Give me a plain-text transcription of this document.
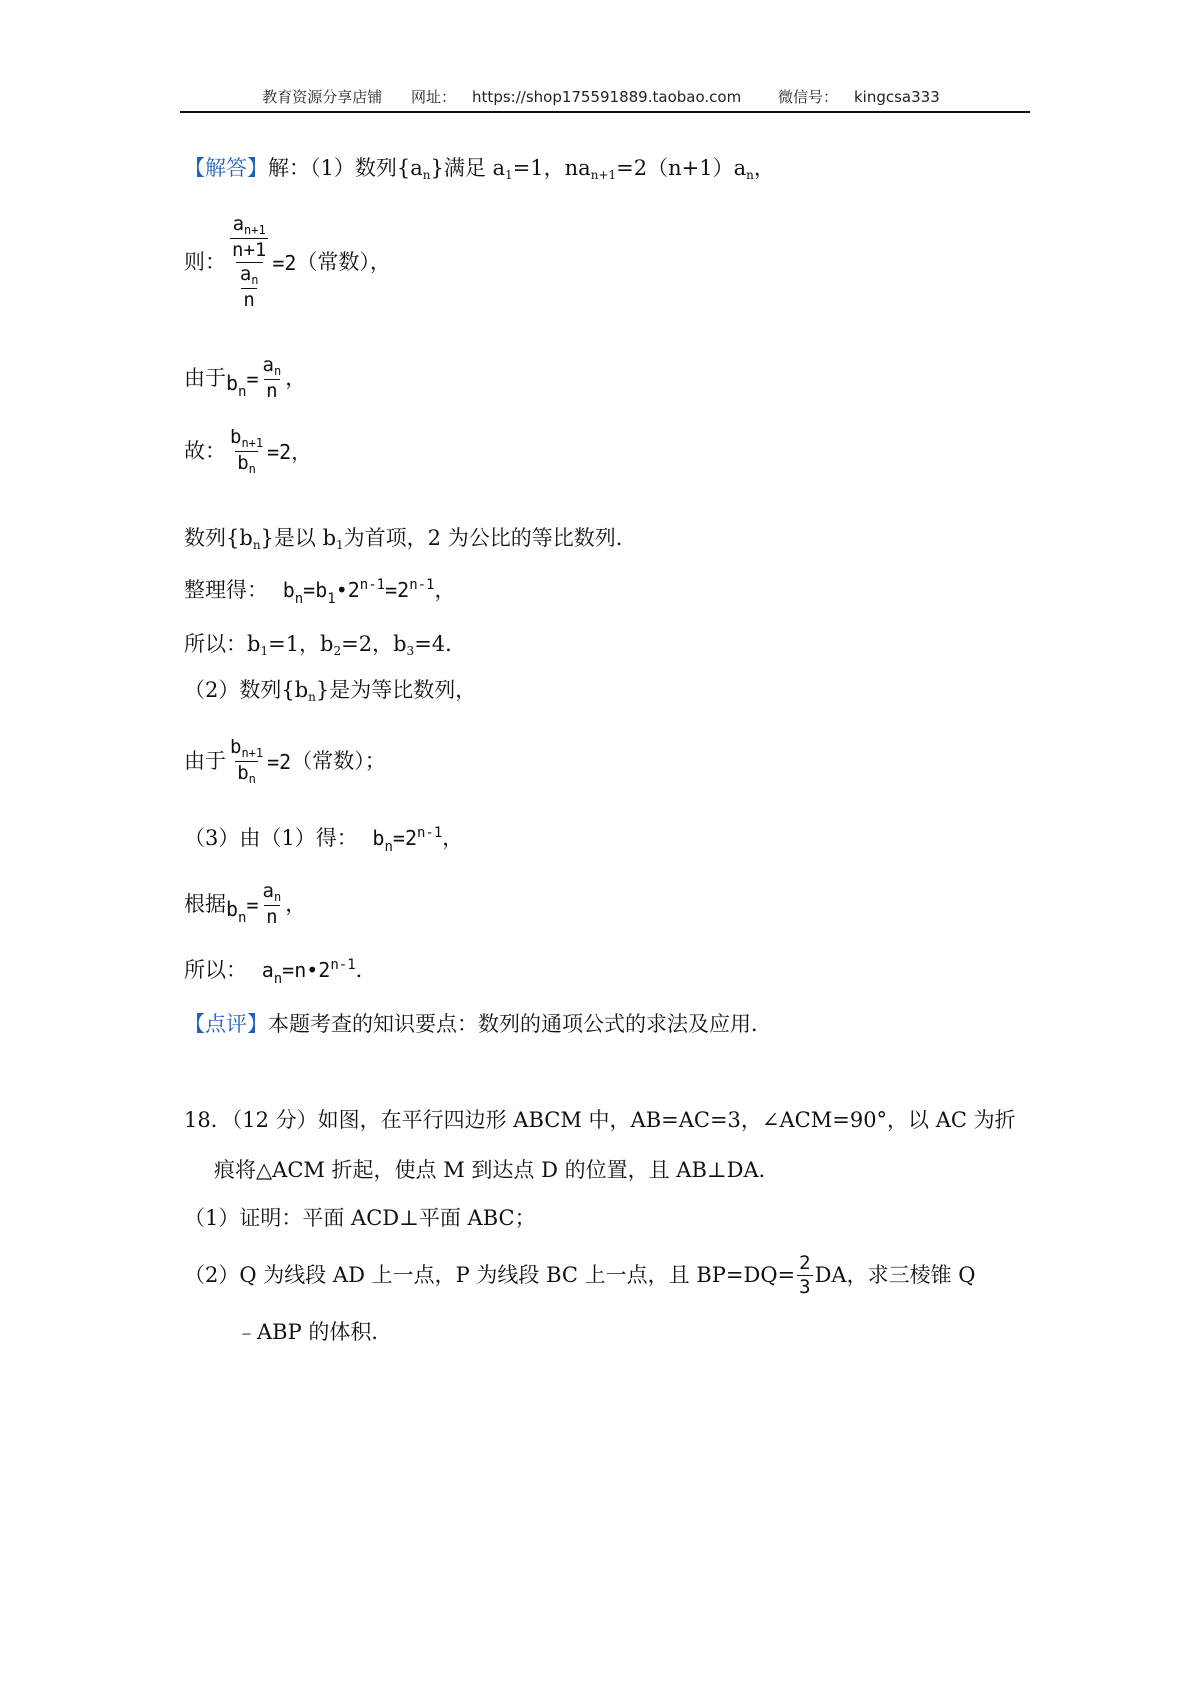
教育资源分享店铺 网址： https://shop175591889.taobao.com 微信号： kingcsa333
【解答】解：（1）数列$\{a_n\}$满足 $a_1=1$，$na_{n+1}=2(n+1)a_n$，
则： $\frac{\frac{a_{n+1}}{n+1}}{\frac{a_n}{n}} =2$ （常数），
由于 $b_n$
= $\frac{a_n}{n}$ ，
故： $\frac{b_{n+1}}{b_n} =2$，
数列$\{b_n\}$是以 $b_1$为首项，2 为公比的等比数列．
整理得： $b_n=b_1•2^{n-1}=2^{n-1}$，
所以：$b_1=1$，$b_2=2$，$b_3=4$．
（2）数列$\{b_n\}$是为等比数列，
由于 $\frac{b_{n+1}}{b_n} =2$ （常数）；
（3）由（1）得： $b_n=2^{n-1}$，
根据 $b_n$
= $\frac{a_n}{n}$ ，
所以： $a_n=n•2^{n-1}$．
【点评】本题考查的知识要点：数列的通项公式的求法及应用．
18．（12 分）如图，在平行四边形 ABCM 中，AB=AC=3，∠ACM=90°，以 AC 为折
痕将△ACM 折起，使点 M 到达点 D 的位置，且 AB⊥DA．
（1）证明：平面 ACD⊥平面 ABC；
（2）Q 为线段 AD 上一点，P 为线段 BC 上一点，且 $BP=DQ= \frac{2}{3}$ DA，求三棱锥 Q
﹣ABP 的体积．
